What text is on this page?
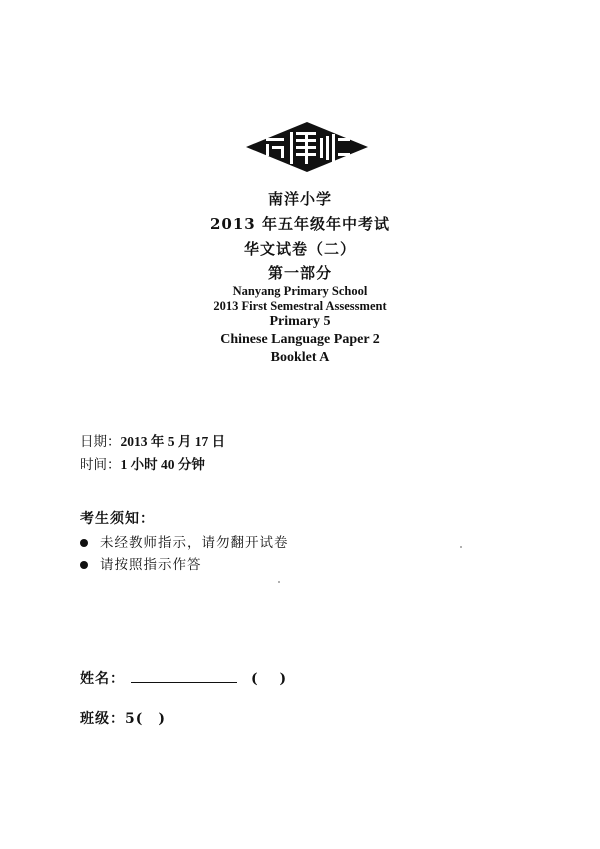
南洋小学
2013 年五年级年中考试
华文试卷（二）
第一部分
Nanyang Primary School
2013 First Semestral Assessment
Primary 5
Chinese Language Paper 2
Booklet A
日期：2013 年 5 月 17 日
时间：1 小时 40 分钟
考生须知：
未经教师指示，请勿翻开试卷
请按照指示作答
姓名：	(　 )
班级：5(　)
